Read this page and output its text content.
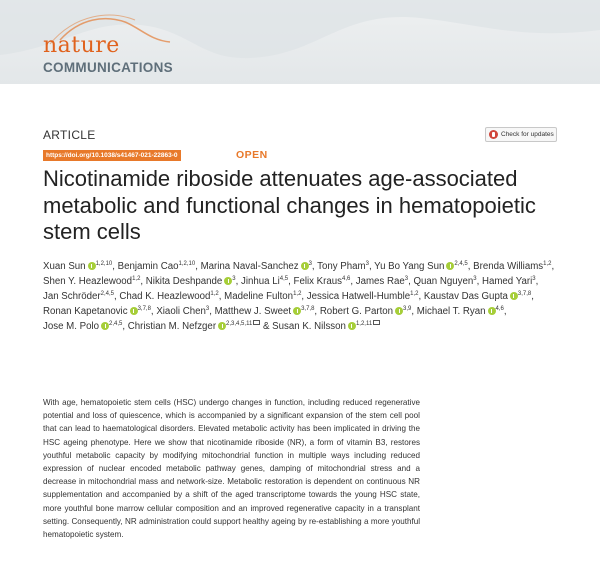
nature
COMMUNICATIONS
ARTICLE	Check for updates
https://doi.org/10.1038/s41467-021-22863-0	OPEN
Nicotinamide riboside attenuates age-associated metabolic and functional changes in hematopoietic stem cells
Xuan Sun $^{1,2,10}$, Benjamin Cao$^{1,2,10}$, Marina Naval-Sanchez $^3$, Tony Pham$^3$, Yu Bo Yang Sun $^{2,4,5}$, Brenda Williams$^{1,2}$, Shen Y. Heazlewood$^{1,2}$, Nikita Deshpande $^3$, Jinhua Li$^{4,5}$, Felix Kraus$^{4,6}$, James Rae$^3$, Quan Nguyen$^3$, Hamed Yari$^3$, Jan Schröder$^{2,4,5}$, Chad K. Heazlewood$^{1,2}$, Madeline Fulton$^{1,2}$, Jessica Hatwell-Humble$^{1,2}$, Kaustav Das Gupta $^{3,7,8}$, Ronan Kapetanovic $^{3,7,8}$, Xiaoli Chen$^3$, Matthew J. Sweet $^{3,7,8}$, Robert G. Parton $^{3,9}$, Michael T. Ryan $^{4,6}$, Jose M. Polo $^{2,4,5}$, Christian M. Nefzger $^{2,3,4,5,11}$ & Susan K. Nilsson $^{1,2,11}$

With age, hematopoietic stem cells (HSC) undergo changes in function, including reduced regenerative potential and loss of quiescence, which is accompanied by a significant expansion of the stem cell pool that can lead to haematological disorders. Elevated metabolic activity has been implicated in driving the HSC ageing phenotype. Here we show that nicotinamide riboside (NR), a form of vitamin B3, restores youthful metabolic capacity by modifying mitochondrial function in multiple ways including reduced expression of nuclear encoded metabolic pathway genes, damping of mitochondrial stress and a decrease in mitochondrial mass and network-size. Metabolic restoration is dependent on continuous NR supplementation and accompanied by a shift of the aged transcriptome towards the young HSC state, more youthful bone marrow cellular composition and an improved regenerative capacity in a transplant setting. Consequently, NR administration could support healthy ageing by re-establishing a more youthful hematopoietic system.
